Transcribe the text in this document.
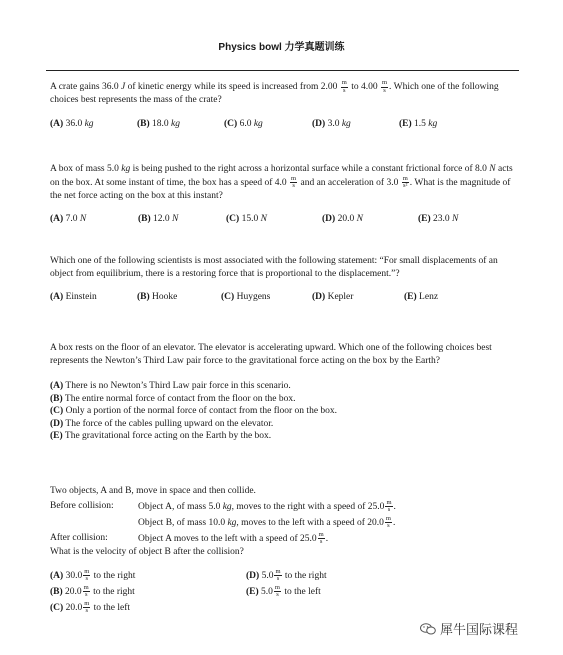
Physics bowl 力学真题训练

A crate gains 36.0 J of kinetic energy while its speed is increased from $2.00 \frac{m}{s}$ to $4.00 \frac{m}{s}$ . Which one of the following choices best represents the mass of the crate?

(A) 36.0 kg	(B) 18.0 kg	(C) 6.0 kg	(D) 3.0 kg	(E) 1.5 kg

A box of mass 5.0 kg is being pushed to the right across a horizontal surface while a constant frictional force of 8.0 N acts on the box. At some instant of time, the box has a speed of $4.0 \frac{m}{s}$ and an acceleration of $3.0 \frac{m}{\text{s²}}$ . What is the magnitude of the net force acting on the box at this instant?

(A) 7.0 N	(B) 12.0 N	(C) 15.0 N	(D) 20.0 N	(E) 23.0 N

Which one of the following scientists is most associated with the following statement: “For small displacements of an object from equilibrium, there is a restoring force that is proportional to the displacement.”?

(A) Einstein	(B) Hooke	(C) Huygens	(D) Kepler	(E) Lenz

A box rests on the floor of an elevator. The elevator is accelerating upward. Which one of the following choices best represents the Newton’s Third Law pair force to the gravitational force acting on the box by the Earth?

(A) There is no Newton’s Third Law pair force in this scenario.

(B) The entire normal force of contact from the floor on the box.

(C) Only a portion of the normal force of contact from the floor on the box.

(D) The force of the cables pulling upward on the elevator.

(E) The gravitational force acting on the Earth by the box.

Two objects, A and B, move in space and then collide.

Before collision:	Object A, of mass 5.0 kg, moves to the right with a speed of $25.0 \frac{m}{s}$ .
Object B, of mass 10.0 kg, moves to the left with a speed of $20.0 \frac{m}{s}$ .
After collision:	Object A moves to the left with a speed of $25.0 \frac{m}{s}$ .

What is the velocity of object B after the collision?

(A) $30.0 \frac{m}{s}$ to the right

(B) $20.0 \frac{m}{s}$ to the right

(C) $20.0 \frac{m}{s}$ to the left

(D) $5.0 \frac{m}{s}$ to the right

(E) $5.0 \frac{m}{s}$ to the left

犀牛国际课程
